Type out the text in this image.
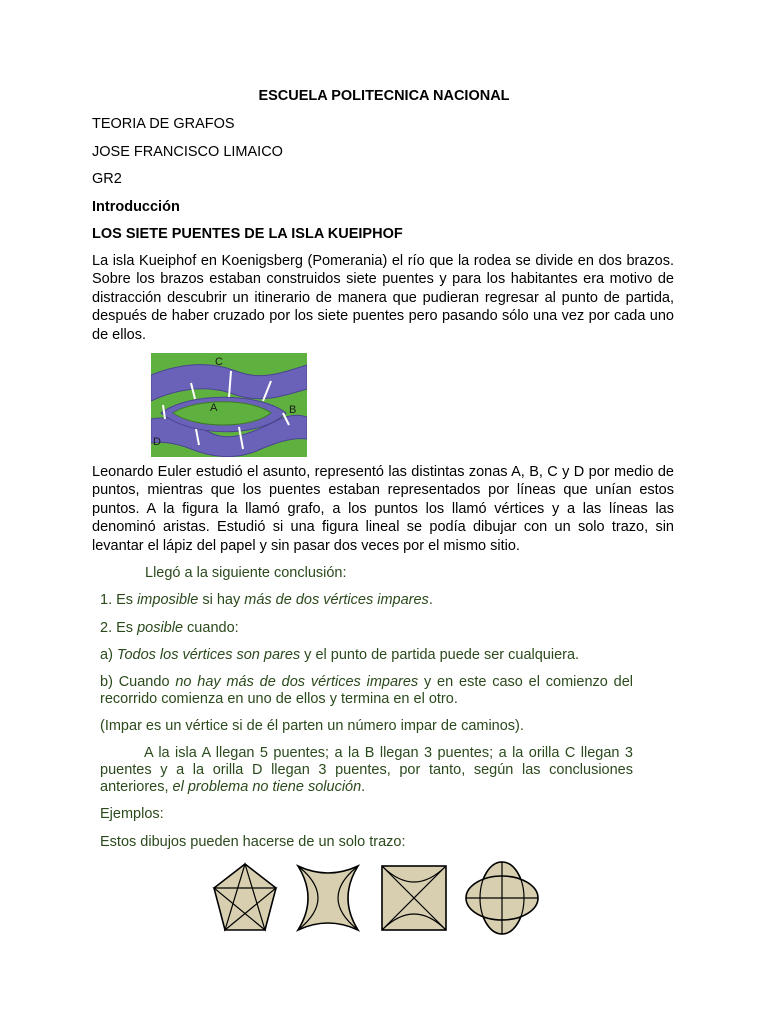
ESCUELA POLITECNICA NACIONAL
TEORIA DE GRAFOS
JOSE FRANCISCO LIMAICO
GR2
Introducción
LOS SIETE PUENTES DE LA ISLA KUEIPHOF
La isla Kueiphof en Koenigsberg (Pomerania) el río que la rodea se divide en dos brazos. Sobre los brazos estaban construidos siete puentes y para los habitantes era motivo de distracción descubrir un itinerario de manera que pudieran regresar al punto de partida, después de haber cruzado por los siete puentes pero pasando sólo una vez por cada uno de ellos.
C
A	B
D
Leonardo Euler estudió el asunto, representó las distintas zonas A, B, C y D por medio de puntos, mientras que los puentes estaban representados por líneas que unían estos puntos. A la figura la llamó grafo, a los puntos los llamó vértices y a las líneas las denominó aristas. Estudió si una figura lineal se podía dibujar con un solo trazo, sin levantar el lápiz del papel y sin pasar dos veces por el mismo sitio.
Llegó a la siguiente conclusión:
1. Es imposible si hay más de dos vértices impares.
2. Es posible cuando:
a) Todos los vértices son pares y el punto de partida puede ser cualquiera.
b) Cuando no hay más de dos vértices impares y en este caso el comienzo del recorrido comienza en uno de ellos y termina en el otro.
(Impar es un vértice si de él parten un número impar de caminos).
A la isla A llegan 5 puentes; a la B llegan 3 puentes; a la orilla C llegan 3 puentes y a la orilla D llegan 3 puentes, por tanto, según las conclusiones anteriores, el problema no tiene solución.
Ejemplos:
Estos dibujos pueden hacerse de un solo trazo:
